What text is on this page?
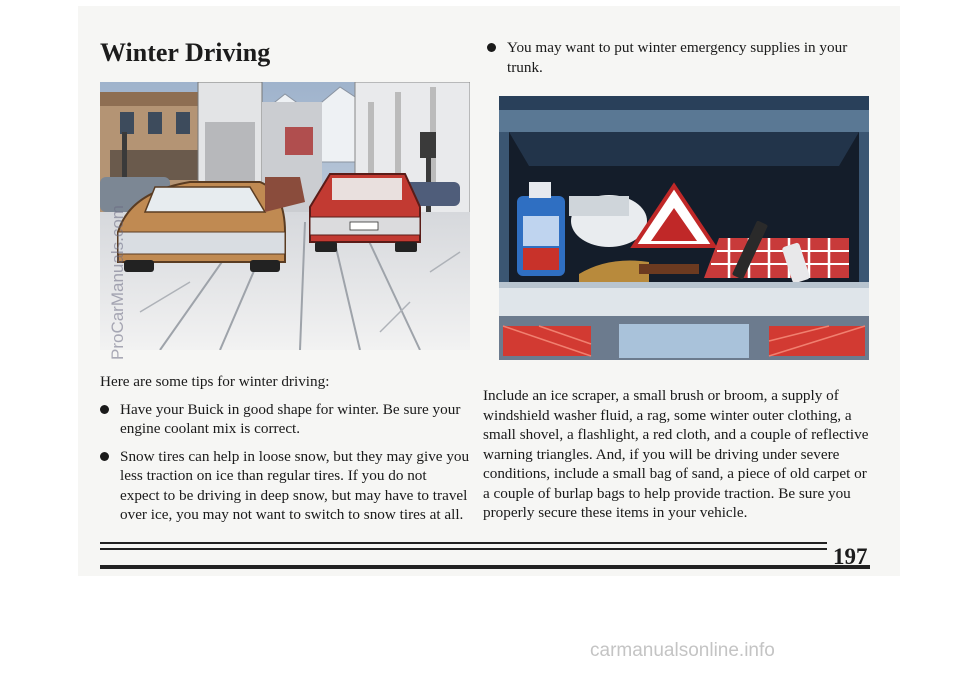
Winter Driving

Here are some tips for winter driving:

Have your Buick in good shape for winter. Be sure your engine coolant mix is correct.
Snow tires can help in loose snow, but they may give you less traction on ice than regular tires. If you do not expect to be driving in deep snow, but may have to travel over ice, you may not want to switch to snow tires at all.
You may want to put winter emergency supplies in your trunk.

Include an ice scraper, a small brush or broom, a supply of windshield washer fluid, a rag, some winter outer clothing, a small shovel, a flashlight, a red cloth, and a couple of reflective warning triangles. And, if you will be driving under severe conditions, include a small bag of sand, a piece of old carpet or a couple of burlap bags to help provide traction. Be sure you properly secure these items in your vehicle.

197

ProCarManuals.com
carmanualsonline.info
